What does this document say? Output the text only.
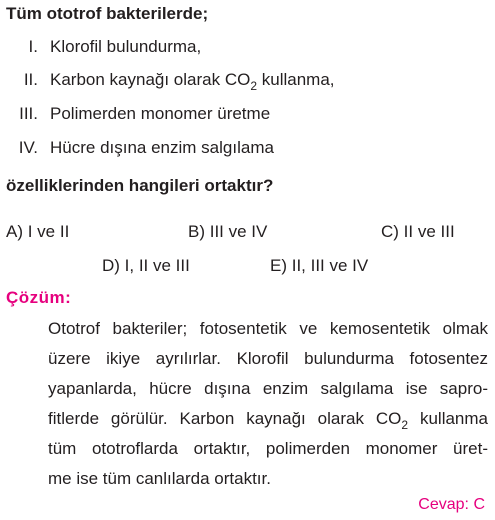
Tüm ototrof bakterilerde;
I. Klorofil bulundurma,
II. Karbon kaynağı olarak $CO_2$ kullanma,
III. Polimerden monomer üretme
IV. Hücre dışına enzim salgılama
özelliklerinden hangileri ortaktır?
A) I ve II	B) III ve IV	C) II ve III
D) I, II ve III	E) II, III ve IV
Çözüm:
Ototrof bakteriler; fotosentetik ve kemosentetik olmak
üzere ikiye ayrılırlar. Klorofil bulundurma fotosentez
yapanlarda, hücre dışına enzim salgılama ise sapro-
fitlerde görülür. Karbon kaynağı olarak $CO_2$ kullanma
tüm ototroflarda ortaktır, polimerden monomer üret-
me ise tüm canlılarda ortaktır.
Cevap: C
